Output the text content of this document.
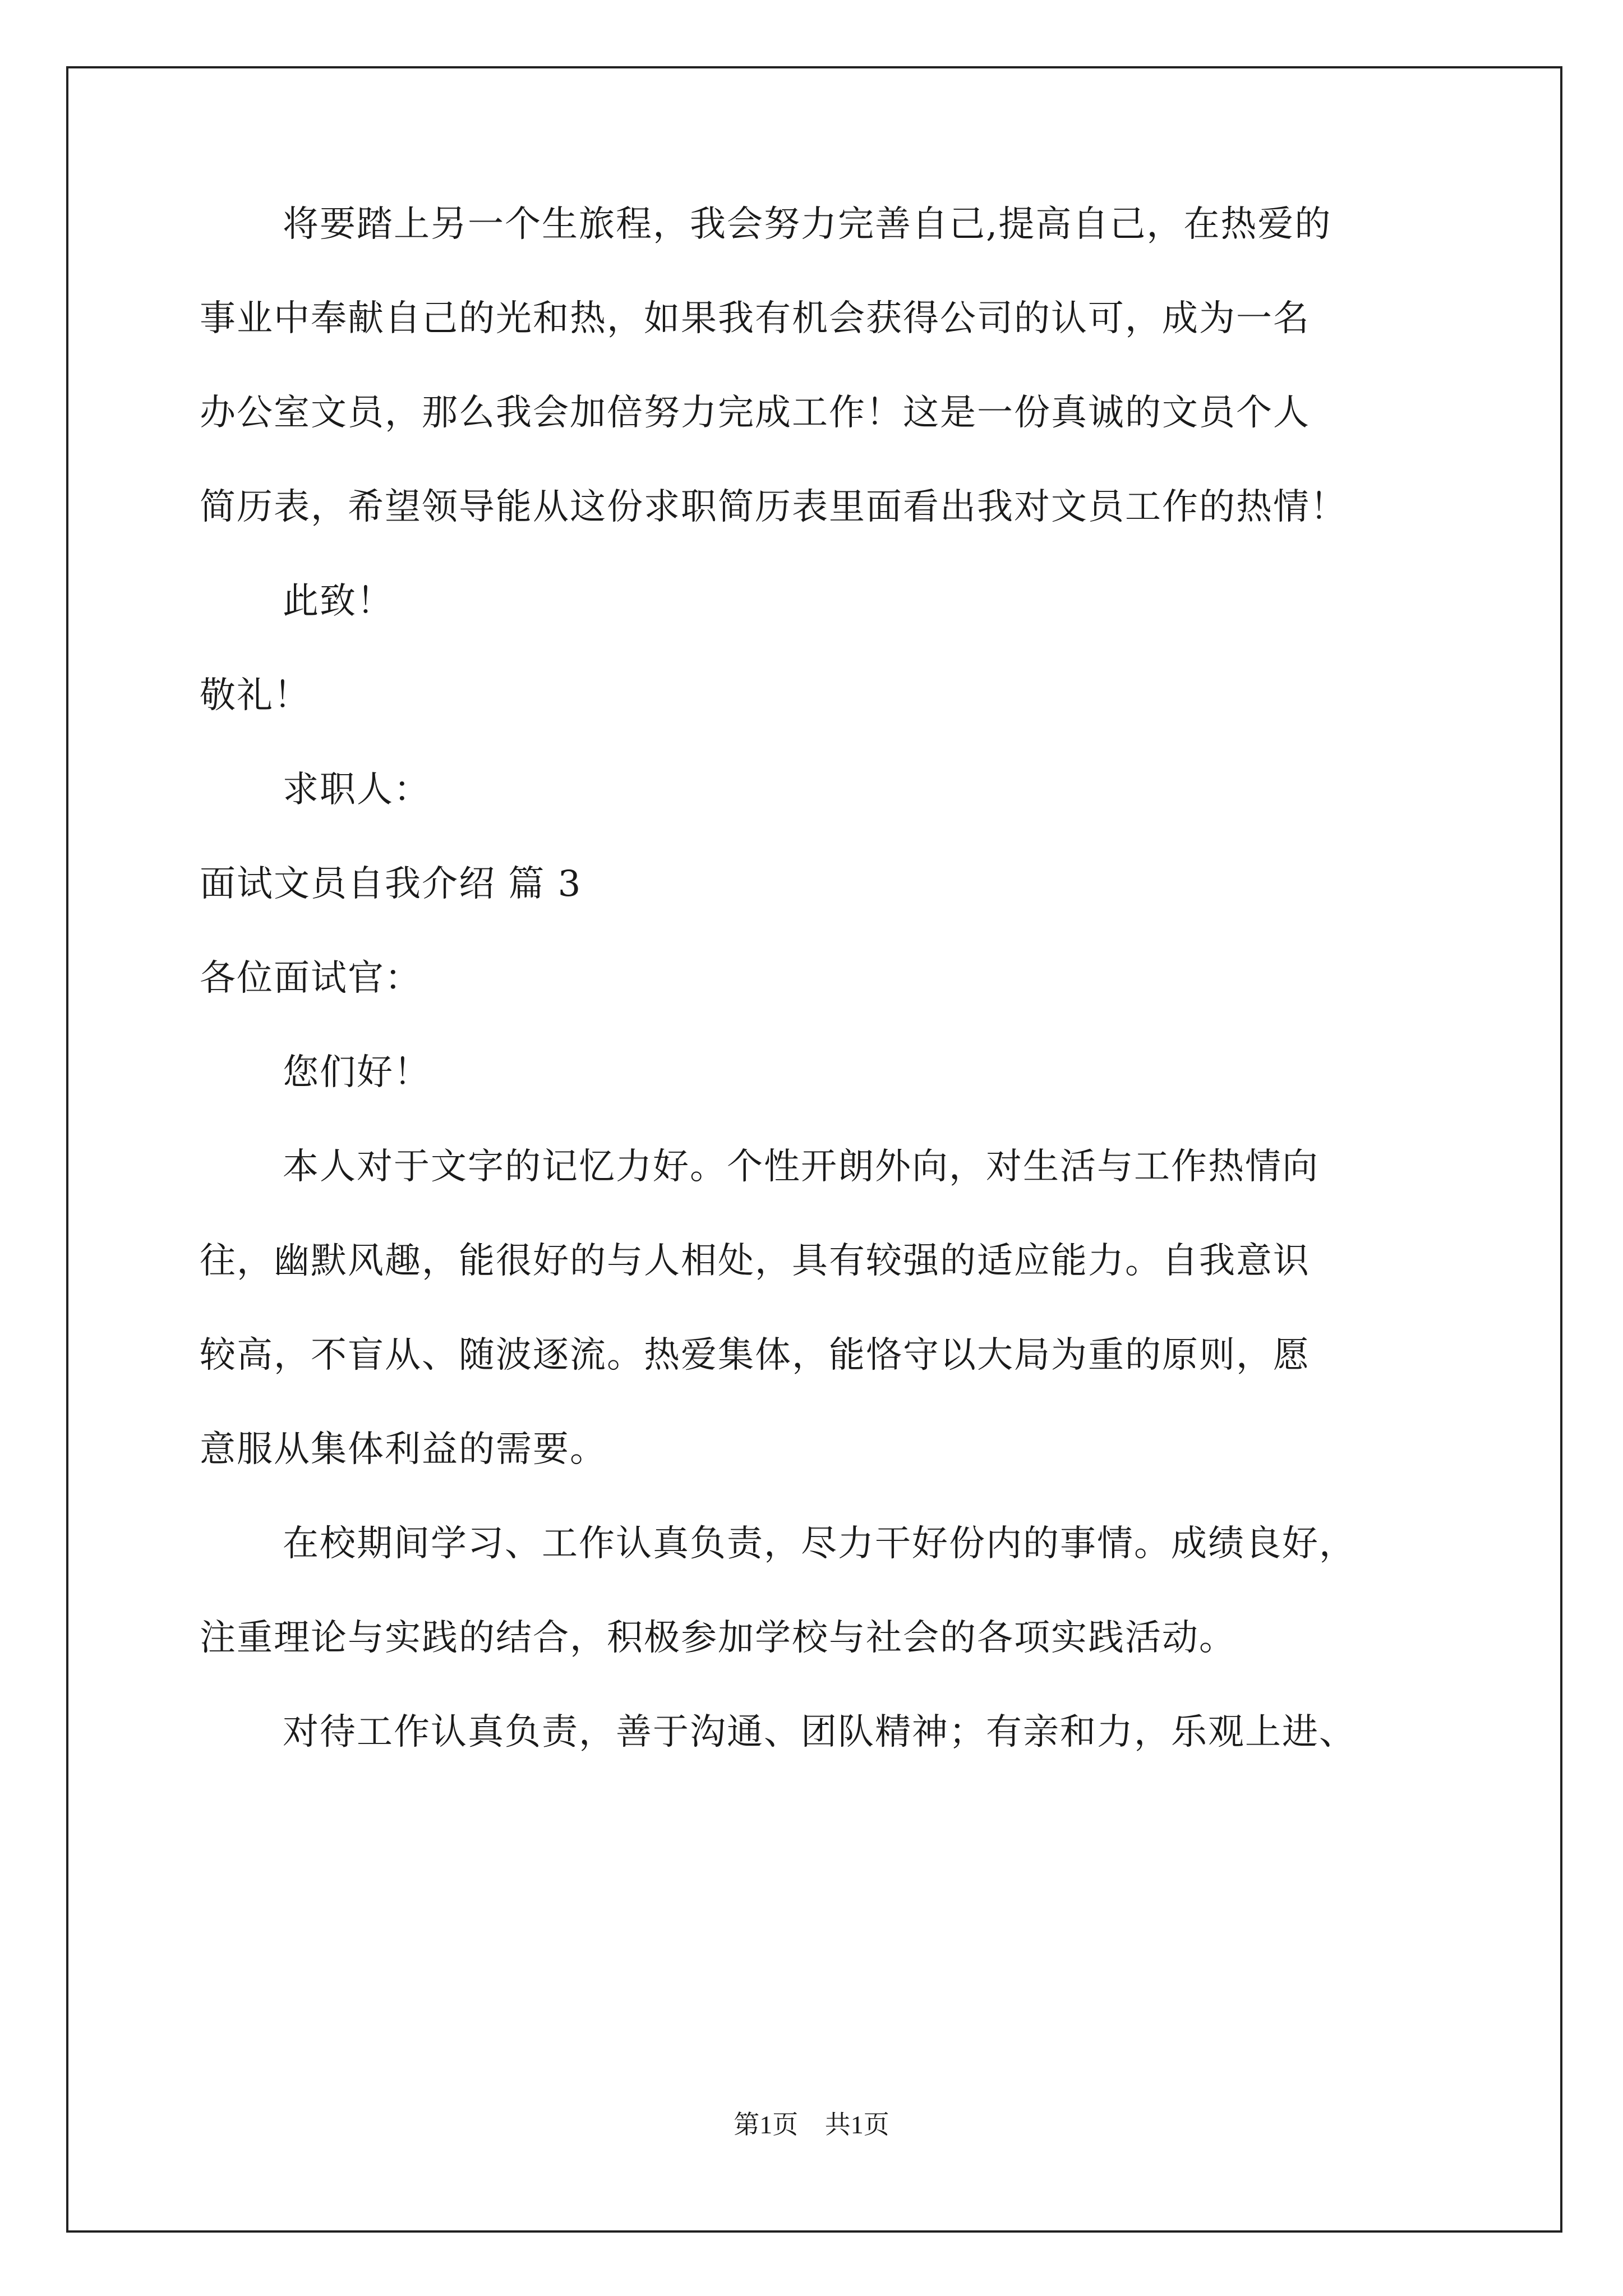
将要踏上另一个生旅程，我会努力完善自己,提高自己，在热爱的
事业中奉献自己的光和热，如果我有机会获得公司的认可，成为一名
办公室文员，那么我会加倍努力完成工作！这是一份真诚的文员个人
简历表，希望领导能从这份求职简历表里面看出我对文员工作的热情！
此致！
敬礼！
求职人：
面试文员自我介绍 篇 3
各位面试官：
您们好！
本人对于文字的记忆力好。个性开朗外向，对生活与工作热情向
往，幽默风趣，能很好的与人相处，具有较强的适应能力。自我意识
较高，不盲从、随波逐流。热爱集体，能恪守以大局为重的原则，愿
意服从集体利益的需要。
在校期间学习、工作认真负责，尽力干好份内的事情。成绩良好，
注重理论与实践的结合，积极参加学校与社会的各项实践活动。
对待工作认真负责，善于沟通、团队精神；有亲和力，乐观上进、
第1页 共1页
